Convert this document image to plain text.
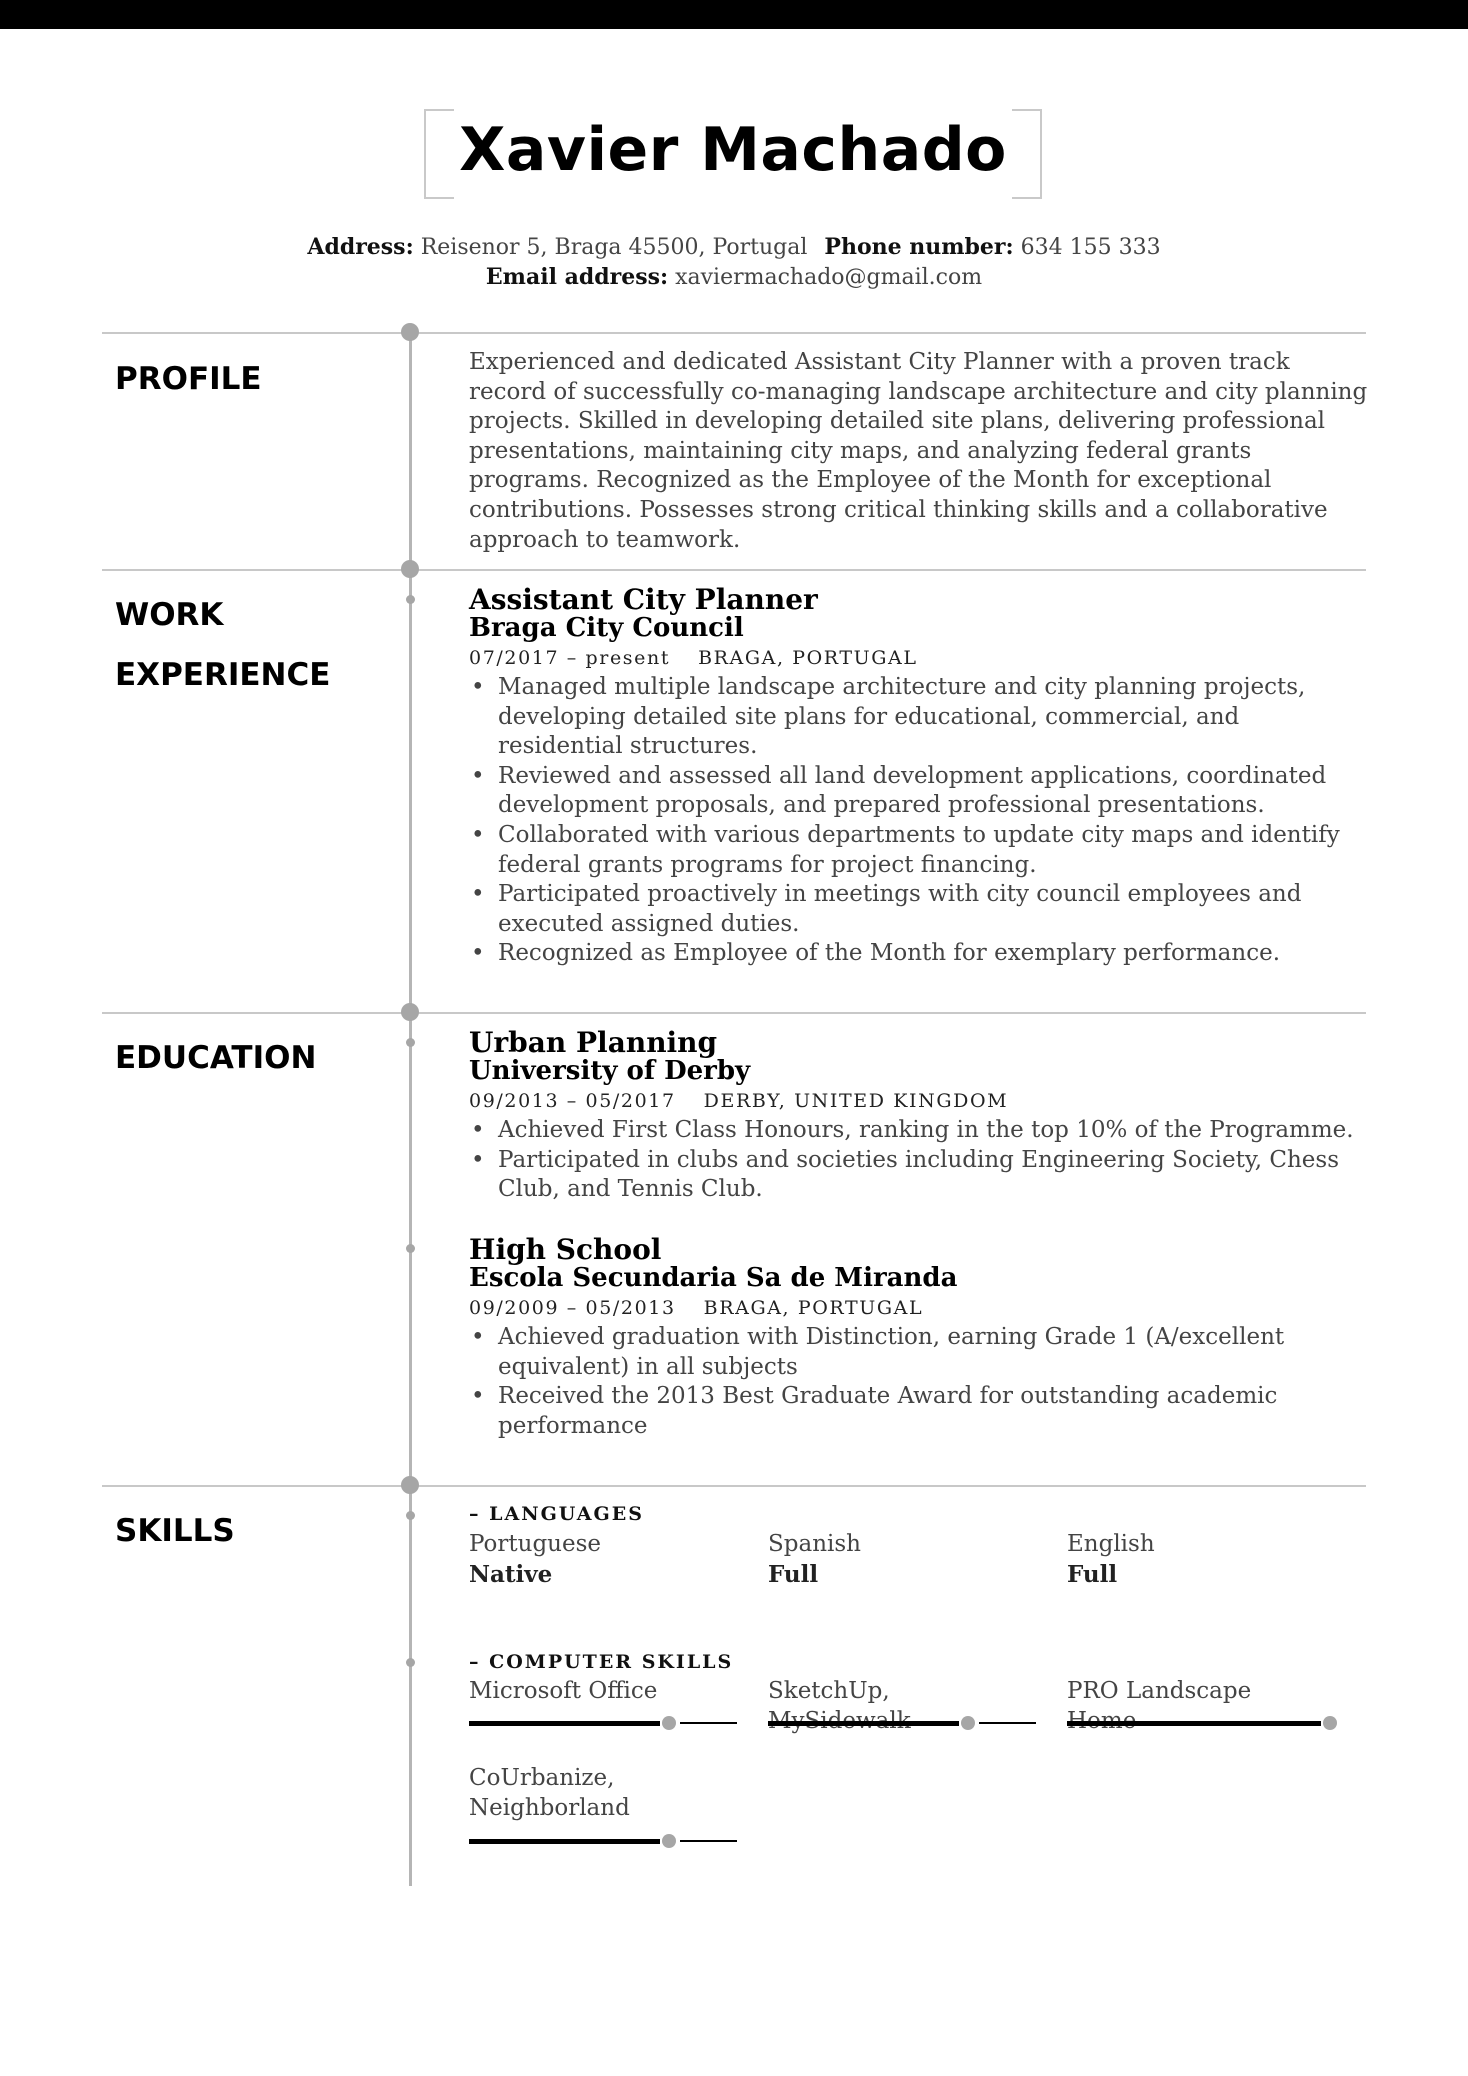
Xavier Machado
Address: Reisenor 5, Braga 45500, Portugal Phone number: 634 155 333
Email address: xaviermachado@gmail.com
PROFILE	Experienced and dedicated Assistant City Planner with a proven track record of successfully co-managing landscape architecture and city planning projects. Skilled in developing detailed site plans, delivering professional presentations, maintaining city maps, and analyzing federal grants programs. Recognized as the Employee of the Month for exceptional contributions. Possesses strong critical thinking skills and a collaborative approach to teamwork.

WORK
EXPERIENCE
Assistant City Planner
Braga City Council
07/2017 – present BRAGA, PORTUGAL
• Managed multiple landscape architecture and city planning projects, developing detailed site plans for educational, commercial, and residential structures.
• Reviewed and assessed all land development applications, coordinated development proposals, and prepared professional presentations.
• Collaborated with various departments to update city maps and identify federal grants programs for project financing.
• Participated proactively in meetings with city council employees and executed assigned duties.
• Recognized as Employee of the Month for exemplary performance.
EDUCATION	Urban Planning
University of Derby
09/2013 – 05/2017 DERBY, UNITED KINGDOM
• Achieved First Class Honours, ranking in the top 10% of the Programme.
• Participated in clubs and societies including Engineering Society, Chess Club, and Tennis Club.
High School
Escola Secundaria Sa de Miranda
09/2009 – 05/2013 BRAGA, PORTUGAL
• Achieved graduation with Distinction, earning Grade 1 (A/excellent equivalent) in all subjects
• Received the 2013 Best Graduate Award for outstanding academic performance
SKILLS	– LANGUAGES
Portuguese
Native
Spanish
Full
English
Full
– COMPUTER SKILLS
Microsoft Office	SketchUp,	PRO Landscape
CoUrbanize, Neighborland
